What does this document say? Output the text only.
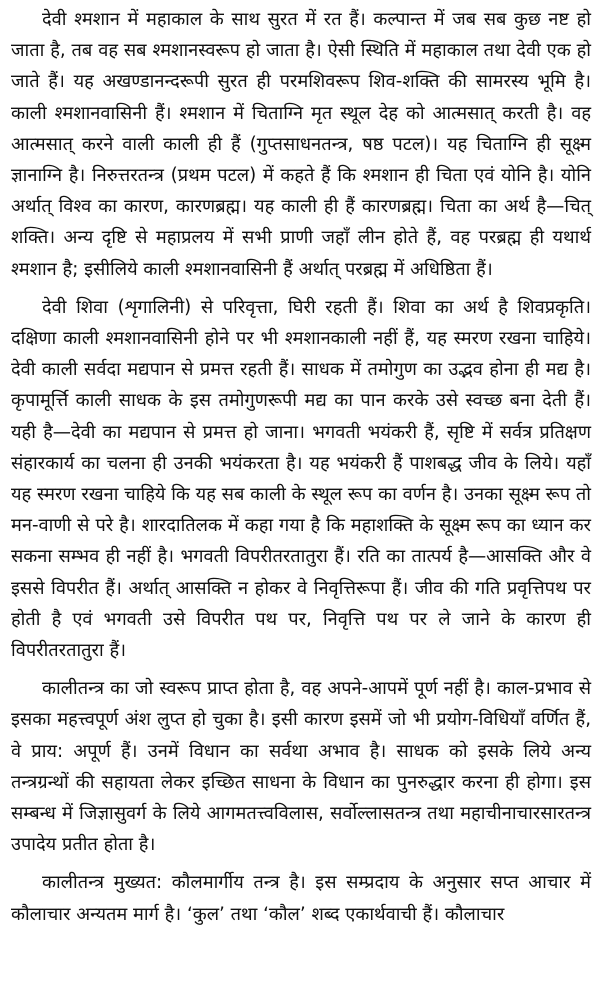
देवी श्मशान में महाकाल के साथ सुरत में रत हैं। कल्पान्त में जब सब कुछ नष्ट हो जाता है, तब वह सब श्मशानस्वरूप हो जाता है। ऐसी स्थिति में महाकाल तथा देवी एक हो जाते हैं। यह अखण्डानन्दरूपी सुरत ही परमशिवरूप शिव-शक्ति की सामरस्य भूमि है। काली श्मशानवासिनी हैं। श्मशान में चिताग्नि मृत स्थूल देह को आत्मसात् करती है। वह आत्मसात् करने वाली काली ही हैं (गुप्तसाधनतन्त्र, षष्ठ पटल)। यह चिताग्नि ही सूक्ष्म ज्ञानाग्नि है। निरुत्तरतन्त्र (प्रथम पटल) में कहते हैं कि श्मशान ही चिता एवं योनि है। योनि अर्थात् विश्व का कारण, कारणब्रह्म। यह काली ही हैं कारणब्रह्म। चिता का अर्थ है—चित् शक्ति। अन्य दृष्टि से महाप्रलय में सभी प्राणी जहाँ लीन होते हैं, वह परब्रह्म ही यथार्थ श्मशान है; इसीलिये काली श्मशानवासिनी हैं अर्थात् परब्रह्म में अधिष्ठिता हैं।

देवी शिवा (शृगालिनी) से परिवृत्ता, घिरी रहती हैं। शिवा का अर्थ है शिवप्रकृति। दक्षिणा काली श्मशानवासिनी होने पर भी श्मशानकाली नहीं हैं, यह स्मरण रखना चाहिये। देवी काली सर्वदा मद्यपान से प्रमत्त रहती हैं। साधक में तमोगुण का उद्भव होना ही मद्य है। कृपामूर्त्ति काली साधक के इस तमोगुणरूपी मद्य का पान करके उसे स्वच्छ बना देती हैं। यही है—देवी का मद्यपान से प्रमत्त हो जाना। भगवती भयंकरी हैं, सृष्टि में सर्वत्र प्रतिक्षण संहारकार्य का चलना ही उनकी भयंकरता है। यह भयंकरी हैं पाशबद्ध जीव के लिये। यहाँ यह स्मरण रखना चाहिये कि यह सब काली के स्थूल रूप का वर्णन है। उनका सूक्ष्म रूप तो मन-वाणी से परे है। शारदातिलक में कहा गया है कि महाशक्ति के सूक्ष्म रूप का ध्यान कर सकना सम्भव ही नहीं है। भगवती विपरीतरतातुरा हैं। रति का तात्पर्य है—आसक्ति और वे इससे विपरीत हैं। अर्थात् आसक्ति न होकर वे निवृत्तिरूपा हैं। जीव की गति प्रवृत्तिपथ पर होती है एवं भगवती उसे विपरीत पथ पर, निवृत्ति पथ पर ले जाने के कारण ही विपरीतरतातुरा हैं।

कालीतन्त्र का जो स्वरूप प्राप्त होता है, वह अपने-आपमें पूर्ण नहीं है। काल-प्रभाव से इसका महत्त्वपूर्ण अंश लुप्त हो चुका है। इसी कारण इसमें जो भी प्रयोग-विधियाँ वर्णित हैं, वे प्राय: अपूर्ण हैं। उनमें विधान का सर्वथा अभाव है। साधक को इसके लिये अन्य तन्त्रग्रन्थों की सहायता लेकर इच्छित साधना के विधान का पुनरुद्धार करना ही होगा। इस सम्बन्ध में जिज्ञासुवर्ग के लिये आगमतत्त्वविलास, सर्वोल्लासतन्त्र तथा महाचीनाचारसारतन्त्र उपादेय प्रतीत होता है।

कालीतन्त्र मुख्यत: कौलमार्गीय तन्त्र है। इस सम्प्रदाय के अनुसार सप्त आचार में कौलाचार अन्यतम मार्ग है। ‘कुल’ तथा ‘कौल’ शब्द एकार्थवाची हैं। कौलाचार
